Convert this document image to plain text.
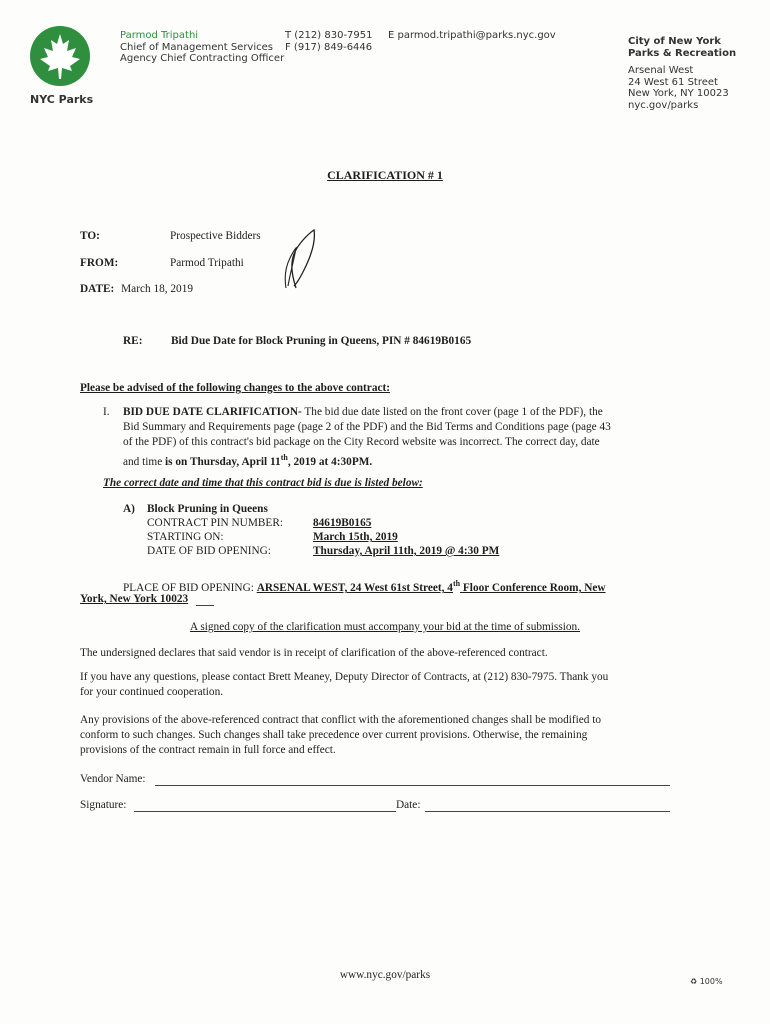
NYC Parks
Parmod Tripathi
Chief of Management Services
Agency Chief Contracting Officer
T (212) 830-7951
F (917) 849-6446
E parmod.tripathi@parks.nyc.gov
City of New York
Parks & Recreation
Arsenal West
24 West 61 Street
New York, NY 10023
nyc.gov/parks
CLARIFICATION # 1
TO:	Prospective Bidders
FROM:	Parmod Tripathi
DATE: March 18, 2019
RE:	Bid Due Date for Block Pruning in Queens, PIN # 84619B0165
Please be advised of the following changes to the above contract:
I. BID DUE DATE CLARIFICATION- The bid due date listed on the front cover (page 1 of the PDF), the
Bid Summary and Requirements page (page 2 of the PDF) and the Bid Terms and Conditions page (page 43
of the PDF) of this contract's bid package on the City Record website was incorrect. The correct day, date
and time is on Thursday, April 11th, 2019 at 4:30PM.
The correct date and time that this contract bid is due is listed below:
A) Block Pruning in Queens
CONTRACT PIN NUMBER:	84619B0165
STARTING ON:	March 15th, 2019
DATE OF BID OPENING:	Thursday, April 11th, 2019 @ 4:30 PM
PLACE OF BID OPENING: ARSENAL WEST, 24 West 61st Street, 4th Floor Conference Room, New
York, New York 10023
A signed copy of the clarification must accompany your bid at the time of submission.
The undersigned declares that said vendor is in receipt of clarification of the above-referenced contract.
If you have any questions, please contact Brett Meaney, Deputy Director of Contracts, at (212) 830-7975. Thank you
for your continued cooperation.
Any provisions of the above-referenced contract that conflict with the aforementioned changes shall be modified to
conform to such changes. Such changes shall take precedence over current provisions. Otherwise, the remaining
provisions of the contract remain in full force and effect.
Vendor Name:
Signature:	Date:
www.nyc.gov/parks
♻ 100%
